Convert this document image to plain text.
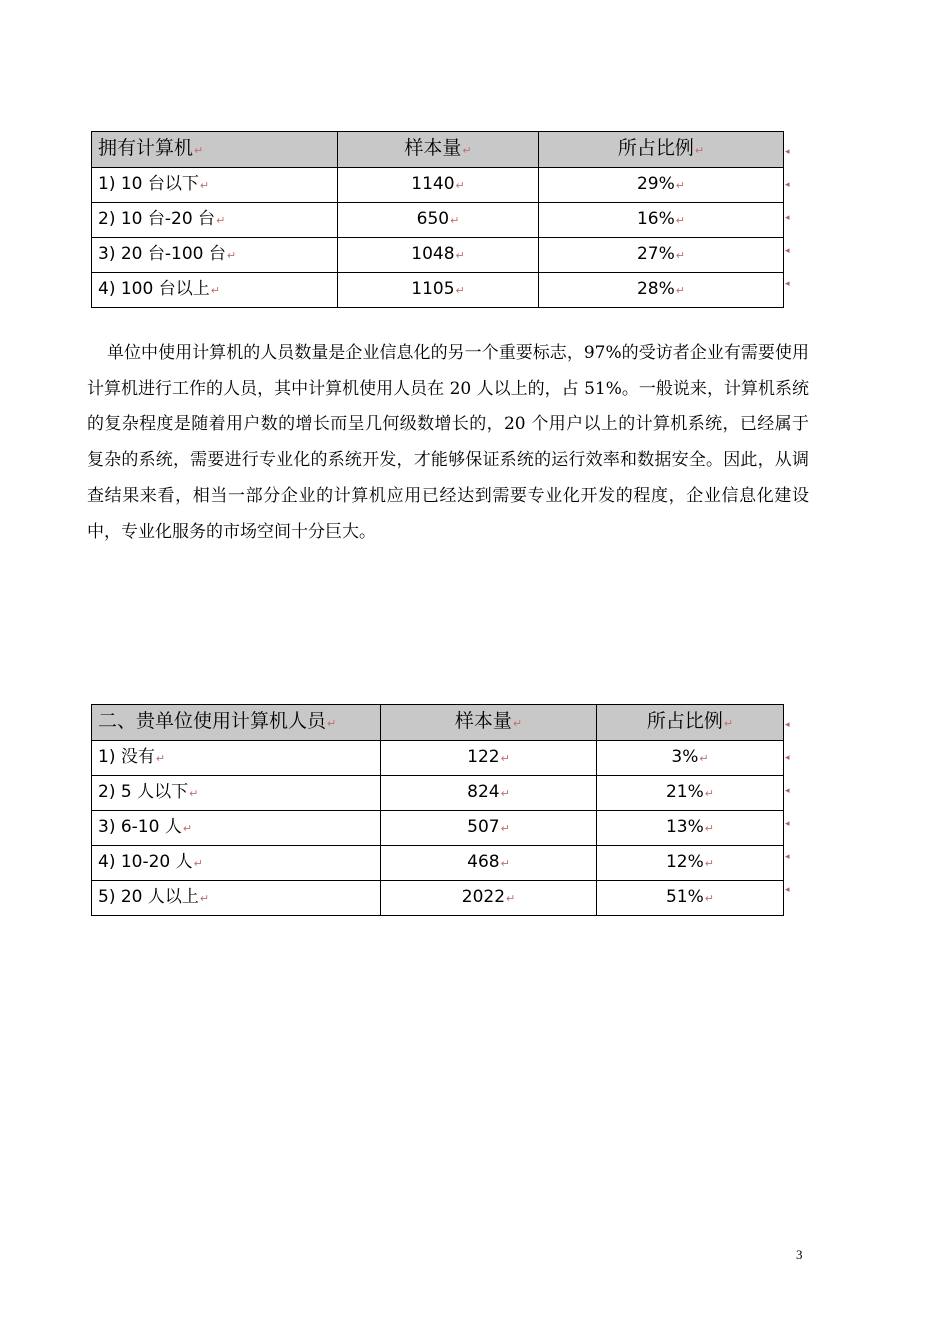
拥有计算机↵	样本量↵	所占比例↵
1) 10 台以下↵	1140↵	29%↵
2) 10 台-20 台↵	650↵	16%↵
3) 20 台-100 台↵	1048↵	27%↵
4) 100 台以上↵	1105↵	28%↵
◂
◂
◂
◂
◂

单位中使用计算机的人员数量是企业信息化的另一个重要标志，97%的受访者企业有需要使用计算机进行工作的人员，其中计算机使用人员在 20 人以上的，占 51%。一般说来，计算机系统的复杂程度是随着用户数的增长而呈几何级数增长的，20 个用户以上的计算机系统，已经属于复杂的系统，需要进行专业化的系统开发，才能够保证系统的运行效率和数据安全。因此，从调查结果来看，相当一部分企业的计算机应用已经达到需要专业化开发的程度，企业信息化建设中，专业化服务的市场空间十分巨大。

二、贵单位使用计算机人员↵	样本量↵	所占比例↵
1) 没有↵	122↵	3%↵
2) 5 人以下↵	824↵	21%↵
3) 6-10 人↵	507↵	13%↵
4) 10-20 人↵	468↵	12%↵
5) 20 人以上↵	2022↵	51%↵
◂
◂
◂
◂
◂
◂
3
